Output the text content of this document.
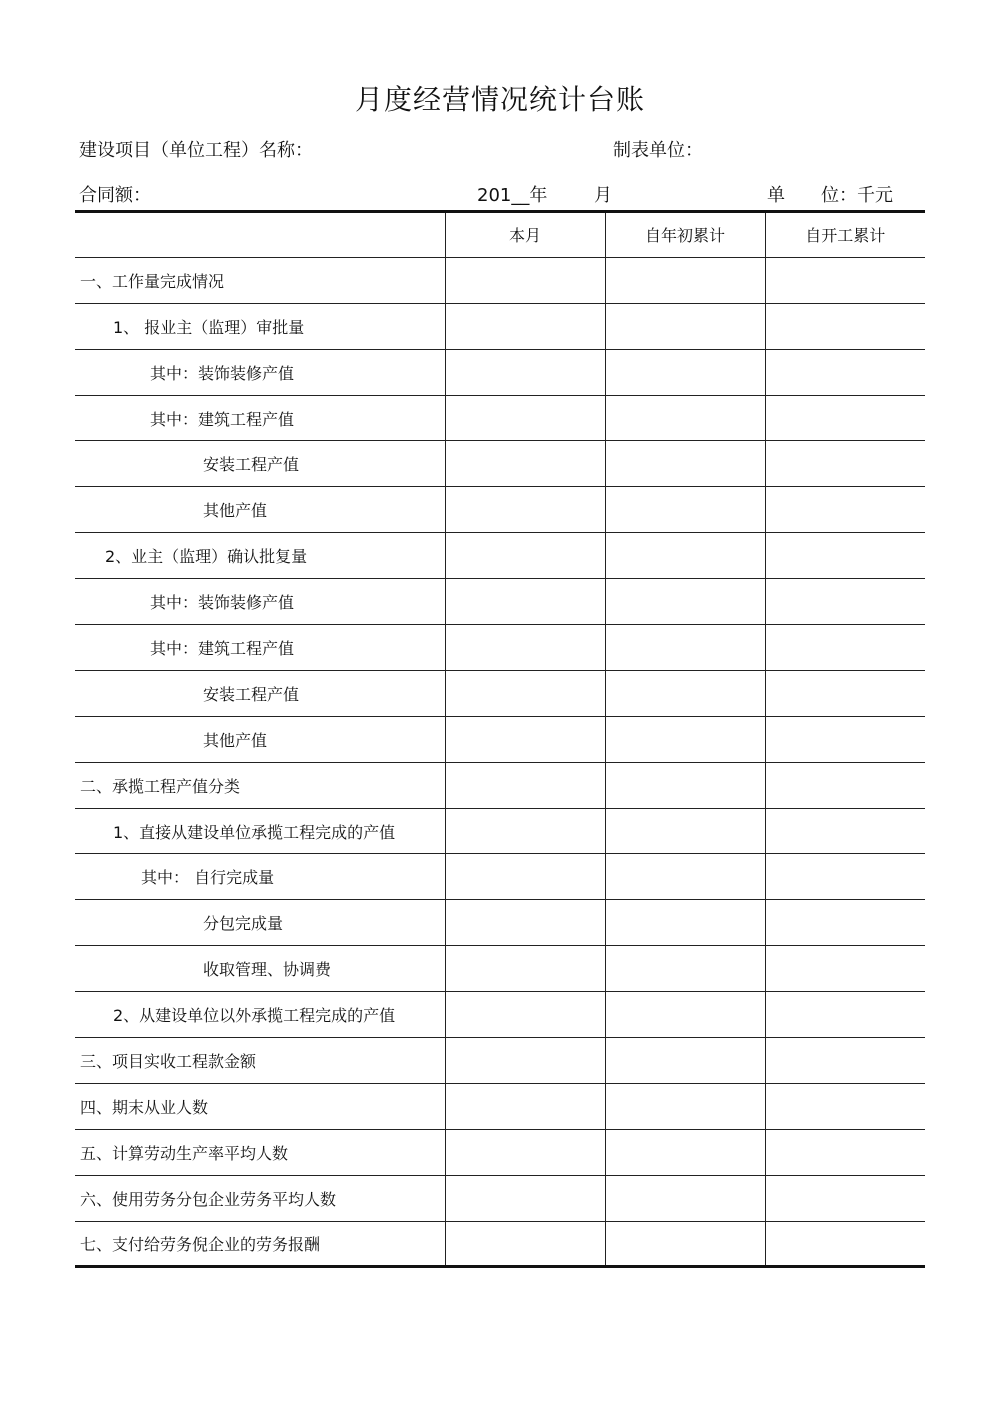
月度经营情况统计台账
建设项目（单位工程）名称：	制表单位：
合同额：	201__年	月	单　　位：千元
	本月	自年初累计	自开工累计
一、工作量完成情况			
1、 报业主（监理）审批量			
其中：装饰装修产值			
其中：建筑工程产值			
安装工程产值			
其他产值			
2、业主（监理）确认批复量			
其中：装饰装修产值			
其中：建筑工程产值			
安装工程产值			
其他产值			
二、承揽工程产值分类			
1、直接从建设单位承揽工程完成的产值			
其中： 自行完成量			
分包完成量			
收取管理、协调费			
2、从建设单位以外承揽工程完成的产值			
三、项目实收工程款金额			
四、期末从业人数			
五、计算劳动生产率平均人数			
六、使用劳务分包企业劳务平均人数			
七、支付给劳务倪企业的劳务报酬			
